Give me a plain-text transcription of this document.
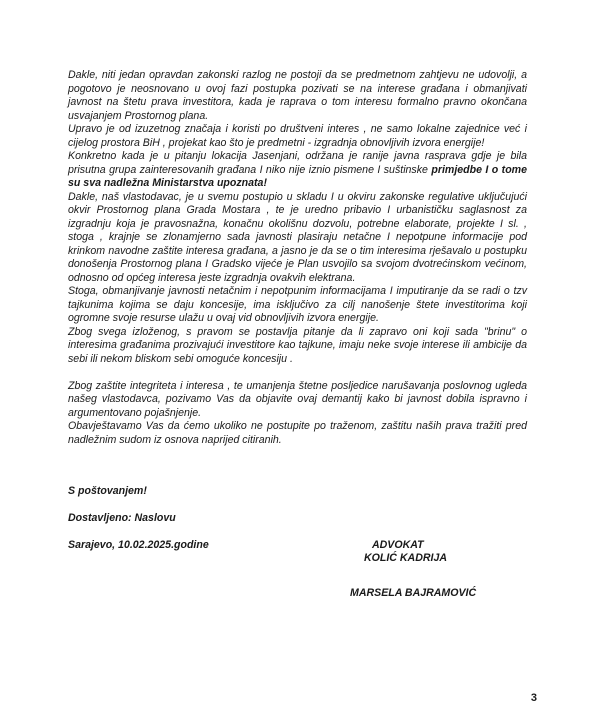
Dakle, niti jedan opravdan zakonski razlog ne postoji da se predmetnom zahtjevu ne udovolji, a pogotovo je neosnovano u ovoj fazi postupka pozivati se na interese građana i obmanjivati javnost na štetu prava investitora, kada je raprava o tom interesu formalno pravno okončana usvajanjem Prostornog plana.

Upravo je od izuzetnog značaja i koristi po društveni interes , ne samo lokalne zajednice već i cijelog prostora BiH , projekat kao što je predmetni - izgradnja obnovljivih izvora energije!

Konkretno kada je u pitanju lokacija Jasenjani, održana je ranije javna rasprava gdje je bila prisutna grupa zainteresovanih građana I niko nije iznio pismene I suštinske primjedbe I o tome su sva nadležna Ministarstva upoznata!

Dakle, naš vlastodavac, je u svemu postupio u skladu I u okviru zakonske regulative uključujući okvir Prostornog plana Grada Mostara , te je uredno pribavio I urbanističku saglasnost za izgradnju koja je pravosnažna, konačnu okolišnu dozvolu, potrebne elaborate, projekte I sl. , stoga , krajnje se zlonamjerno sada javnosti plasiraju netačne I nepotpune informacije pod krinkom navodne zaštite interesa građana, a jasno je da se o tim interesima rješavalo u postupku donošenja Prostornog plana I Gradsko vijeće je Plan usvojilo sa svojom dvotrećinskom većinom, odnosno od općeg interesa jeste izgradnja ovakvih elektrana.

Stoga, obmanjivanje javnosti netačnim i nepotpunim informacijama I imputiranje da se radi o tzv tajkunima kojima se daju koncesije, ima isključivo za cilj nanošenje štete investitorima koji ogromne svoje resurse ulažu u ovaj vid obnovljivih izvora energije.

Zbog svega izloženog, s pravom se postavlja pitanje da li zapravo oni koji sada "brinu" o interesima građanima prozivajući investitore kao tajkune, imaju neke svoje interese ili ambicije da sebi ili nekom bliskom sebi omoguće koncesiju .

Zbog zaštite integriteta i interesa , te umanjenja štetne posljedice narušavanja poslovnog ugleda našeg vlastodavca, pozivamo Vas da objavite ovaj demantij kako bi javnost dobila ispravno i argumentovano pojašnjenje.

Obavještavamo Vas da ćemo ukoliko ne postupite po traženom, zaštitu naših prava tražiti pred nadležnim sudom iz osnova naprijed citiranih.

S poštovanjem!

Dostavljeno: Naslovu

Sarajevo, 10.02.2025.godine	ADVOKAT
KOLIĆ KADRIJA
MARSELA BAJRAMOVIĆ
3
